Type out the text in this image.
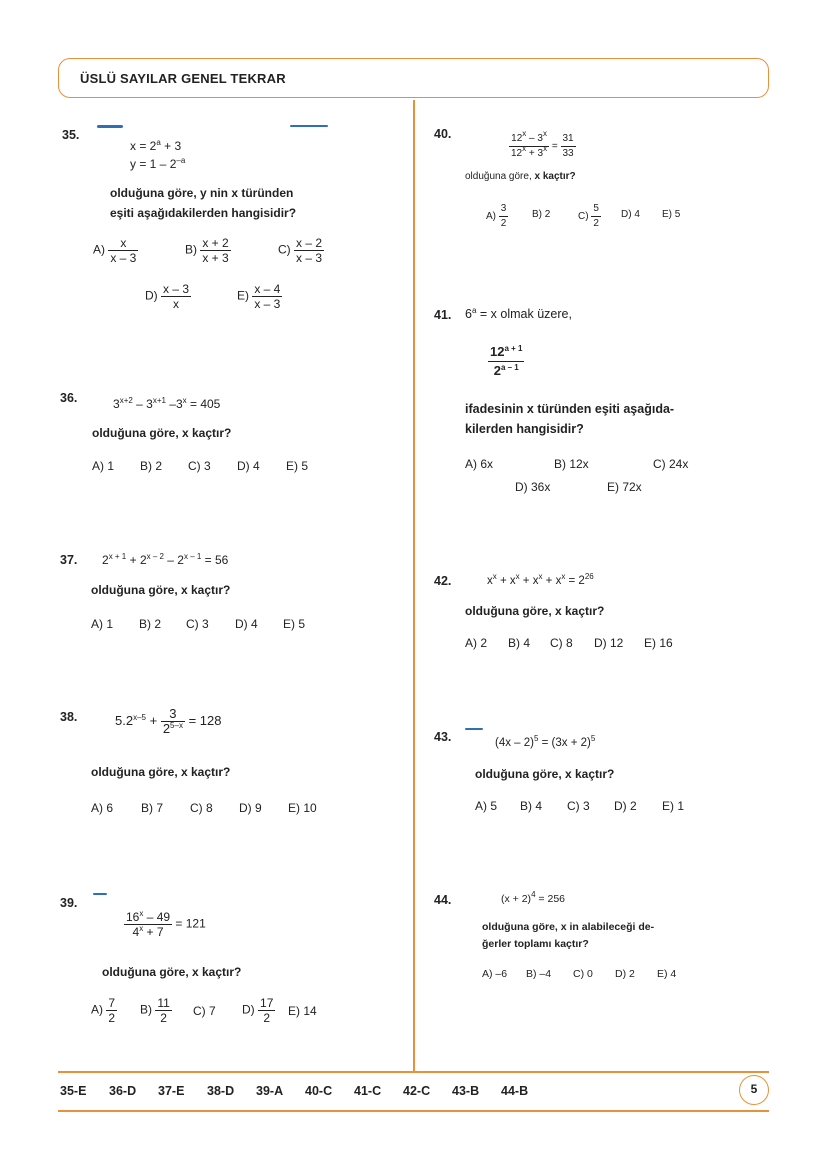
ÜSLÜ SAYILAR GENEL TEKRAR
35.
$x = 2^a + 3$
$y = 1 - 2^{-a}$
olduğuna göre, y nin x türünden
eşiti aşağıdakilerden hangisidir?
$A) \frac{x}{x - 3}$	$B) \frac{x + 2}{x + 3}$	$C) \frac{x - 2}{x - 3}$
$D) \frac{x - 3}{x}$	$E) \frac{x - 4}{x - 3}$
36.	$3^{x+2} - 3^{x+1}$ $-3^x = 405$
olduğuna göre, x kaçtır?
A) 1 B) 2 C) 3 D) 4 E) 5
37. $2^{x + 1} + 2^{x - 2} - 2^{x - 1} = 56$
olduğuna göre, x kaçtır?
A) 1 B) 2 C) 3 D) 4 E) 5
38.	$5.2^{x-5} + \frac{3}{2^{5-x}} = 128$
olduğuna göre, x kaçtır?
A) 6 B) 7 C) 8 D) 9 E) 10
39.
$\frac{16^x - 49}{4^x + 7} = 121$
olduğuna göre, x kaçtır?
$A) \frac{7}{2} B) \frac{11}{2} C$) 7 $D) \frac{17}{2} E$) 14
40.	$\frac{12^x - 3^x}{12^x + 3^x} = \frac{31}{33}$
olduğuna göre, x kaçtır?
$A) \frac{3}{2} B$) 2	$C) \frac{5}{2} D$) 4 E) 5
41. $6^a = x$ olmak üzere,
$\frac{12^{a + 1}}{2^{a - 1}}$
ifadesinin x türünden eşiti aşağıda-
kilerden hangisidir?
A) 6x	B) 12x	C) 24x
D) 36x	E) 72x
42.	$x^x + x^x + x^x + x^x = 2^{26}$
olduğuna göre, x kaçtır?
A) 2 B) 4 C) 8 D) 12 E) 16
43.	$(4x - 2)^5 = (3x + 2)^5$
olduğuna göre, x kaçtır?
A) 5 B) 4 C) 3 D) 2 E) 1
44.	$(x + 2)^4 = 256$
olduğuna göre, x in alabileceği de-
ğerler toplamı kaçtır?
A) –6 B) –4 C) 0 D) 2 E) 4
35-E 36-D 37-E 38-D 39-A 40-C 41-C 42-C 43-B 44-B	5
